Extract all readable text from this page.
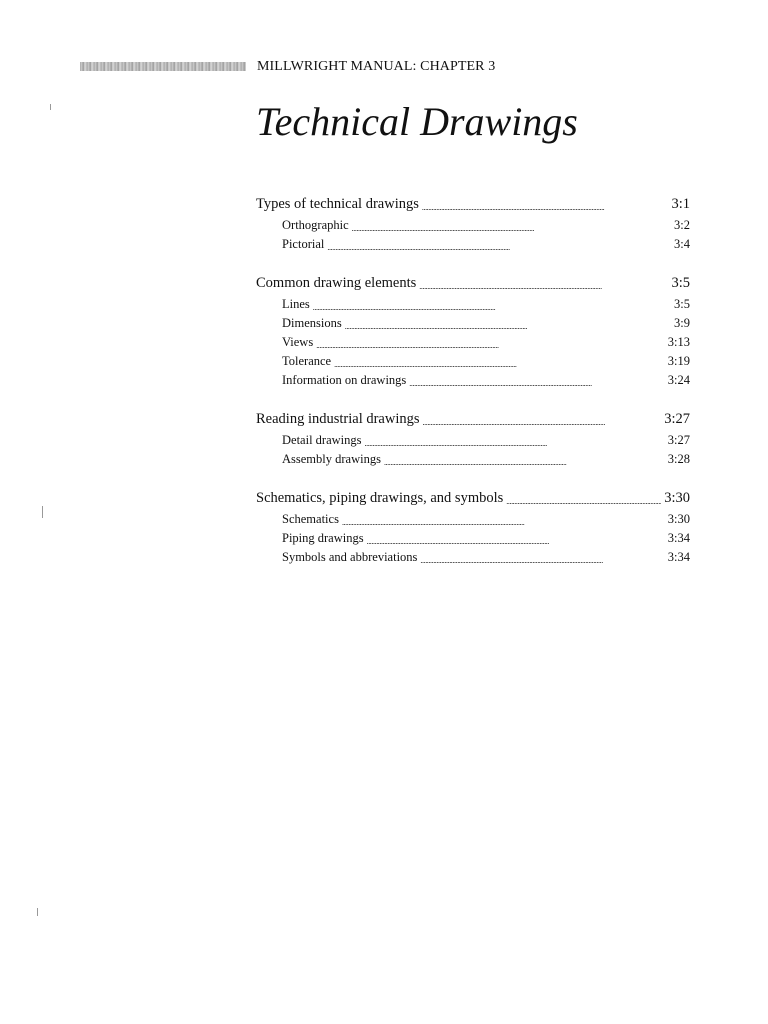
MILLWRIGHT MANUAL: CHAPTER 3
Technical Drawings
Types of technical drawings . . .	3:1
Orthographic . . .	3:2
Pictorial . . .	3:4
Common drawing elements . . .	3:5
Lines . . .	3:5
Dimensions . . .	3:9
Views . . .	3:13
Tolerance . . .	3:19
Information on drawings . . .	3:24
Reading industrial drawings . . .	3:27
Detail drawings . . .	3:27
Assembly drawings . . .	3:28
Schematics, piping drawings, and symbols . . .	3:30
Schematics . . .	3:30
Piping drawings . . .	3:34
Symbols and abbreviations . . .	3:34
